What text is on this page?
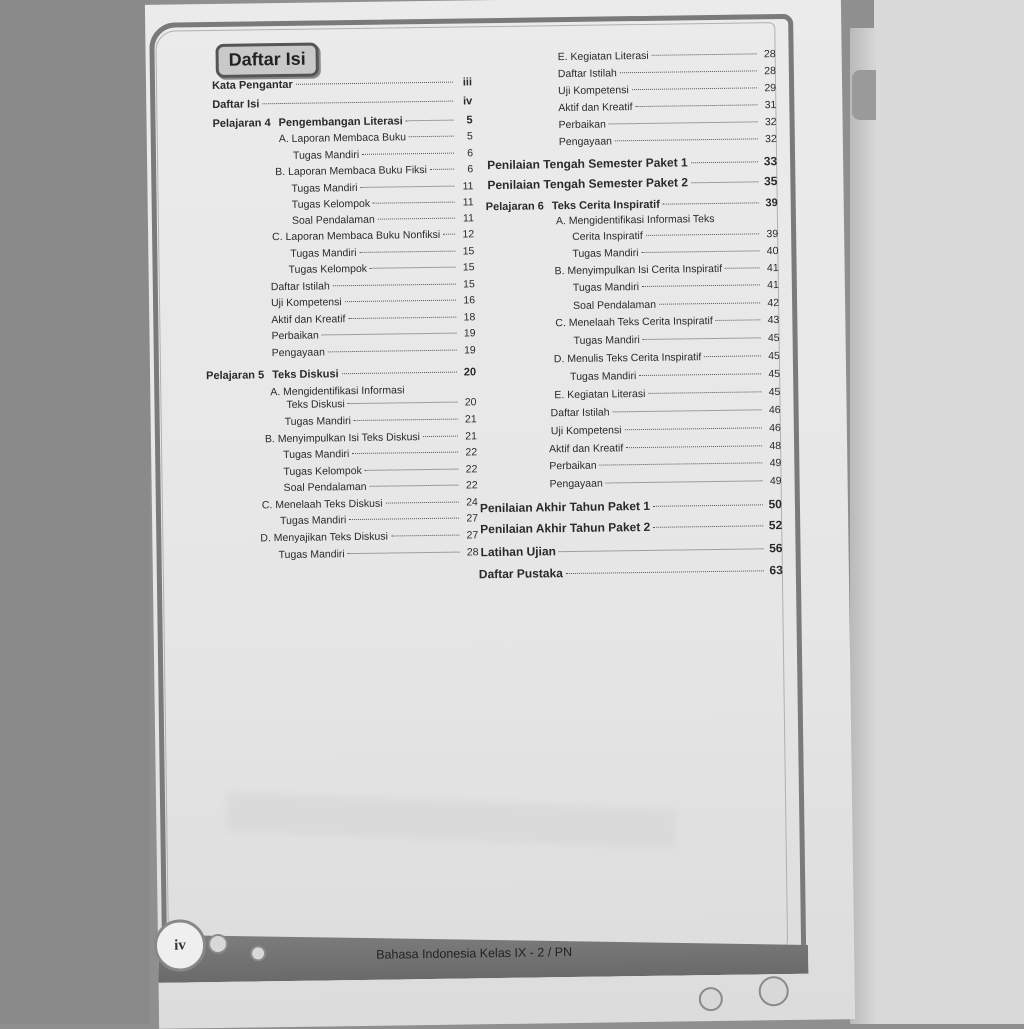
Daftar Isi
Kata Pengantar	iii
Daftar Isi	iv
Pelajaran 4 Pengembangan Literasi	5
A. Laporan Membaca Buku	5
Tugas Mandiri	6
B. Laporan Membaca Buku Fiksi	6
Tugas Mandiri	11
Tugas Kelompok	11
Soal Pendalaman	11
C. Laporan Membaca Buku Nonfiksi	12
Tugas Mandiri	15
Tugas Kelompok	15
Daftar Istilah	15
Uji Kompetensi	16
Aktif dan Kreatif	18
Perbaikan	19
Pengayaan	19
Pelajaran 5 Teks Diskusi	20
A. Mengidentifikasi Informasi
Teks Diskusi	20
Tugas Mandiri	21
B. Menyimpulkan Isi Teks Diskusi	21
Tugas Mandiri	22
Tugas Kelompok	22
Soal Pendalaman	22
C. Menelaah Teks Diskusi	24
Tugas Mandiri	27
D. Menyajikan Teks Diskusi	27
Tugas Mandiri	28
E. Kegiatan Literasi	28
Daftar Istilah	28
Uji Kompetensi	29
Aktif dan Kreatif	31
Perbaikan	32
Pengayaan	32
Penilaian Tengah Semester Paket 1	33
Penilaian Tengah Semester Paket 2	35
Pelajaran 6 Teks Cerita Inspiratif	39
A. Mengidentifikasi Informasi Teks
Cerita Inspiratif	39
Tugas Mandiri	40
B. Menyimpulkan Isi Cerita Inspiratif	41
Tugas Mandiri	41
Soal Pendalaman	42
C. Menelaah Teks Cerita Inspiratif	43
Tugas Mandiri	45
D. Menulis Teks Cerita Inspiratif	45
Tugas Mandiri	45
E. Kegiatan Literasi	45
Daftar Istilah	46
Uji Kompetensi	46
Aktif dan Kreatif	48
Perbaikan	49
Pengayaan	49
Penilaian Akhir Tahun Paket 1	50
Penilaian Akhir Tahun Paket 2	52
Latihan Ujian	56
Daftar Pustaka	63
iv
Bahasa Indonesia Kelas IX - 2 / PN
